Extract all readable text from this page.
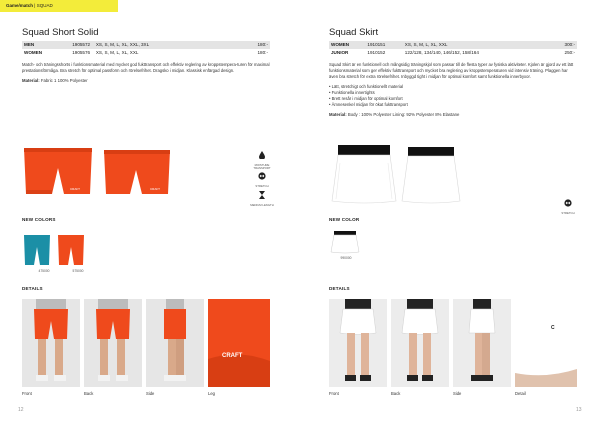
Game/match | SQUAD
Squad Short Solid
MEN	1905572	XS, S, M, L, XL, XXL, 3XL	180:-
WOMEN	1905576	XS, S, M, L, XL, XXL	180:-

Match- och träningsshorts i funktionsmaterial med mycket god fukttransport och effektiv reglering av kroppstempera-turen för maximal prestationsförmåga. Bra stretch för optimal passform och rörelsefrihet. Dragsko i midjan. Klassisk enfärgad design.

Material: Fabric 1 100% Polyester
CRAFT	CRAFT
MOISTURE TRANSPORT
STRETCH
MEDIUM LENGTH
NEW COLORS
475000	575000
DETAILS
CRAFT
Front	Back	Side	Leg
12
Squad Skirt
WOMEN	1910151	XS, S, M, L, XL, XXL	300:-
JUNIOR	1910152	122/128, 134/140, 146/152, 158/164	250:-

Squad Skirt är en funktionell och mångsidig träningskjol som passar till de flesta typer av fysiska aktiviteter. Kjolen är gjord av ett lätt funktionsmaterial som ger effektiv fukttransport och mycket bra reglering av kroppstemperaturen vid intensiv träning. Plaggen har även bra stretch för extra rörelsefrihet. Inbyggd tight i midjan för optimal komfort samt funktionella innerbyxor.

• Lätt, stretchigt och funktionellt material
• Funktionella innertights
• Brett resår i midjan för optimal komfort
• Ämnesenkel midjan för ökat fukttransport
Material: Body : 100% Polyester Lining: 92% Polyester 8% Elastane
STRETCH
NEW COLOR
990000
DETAILS
C
Front	Back	Side	Detail
13
